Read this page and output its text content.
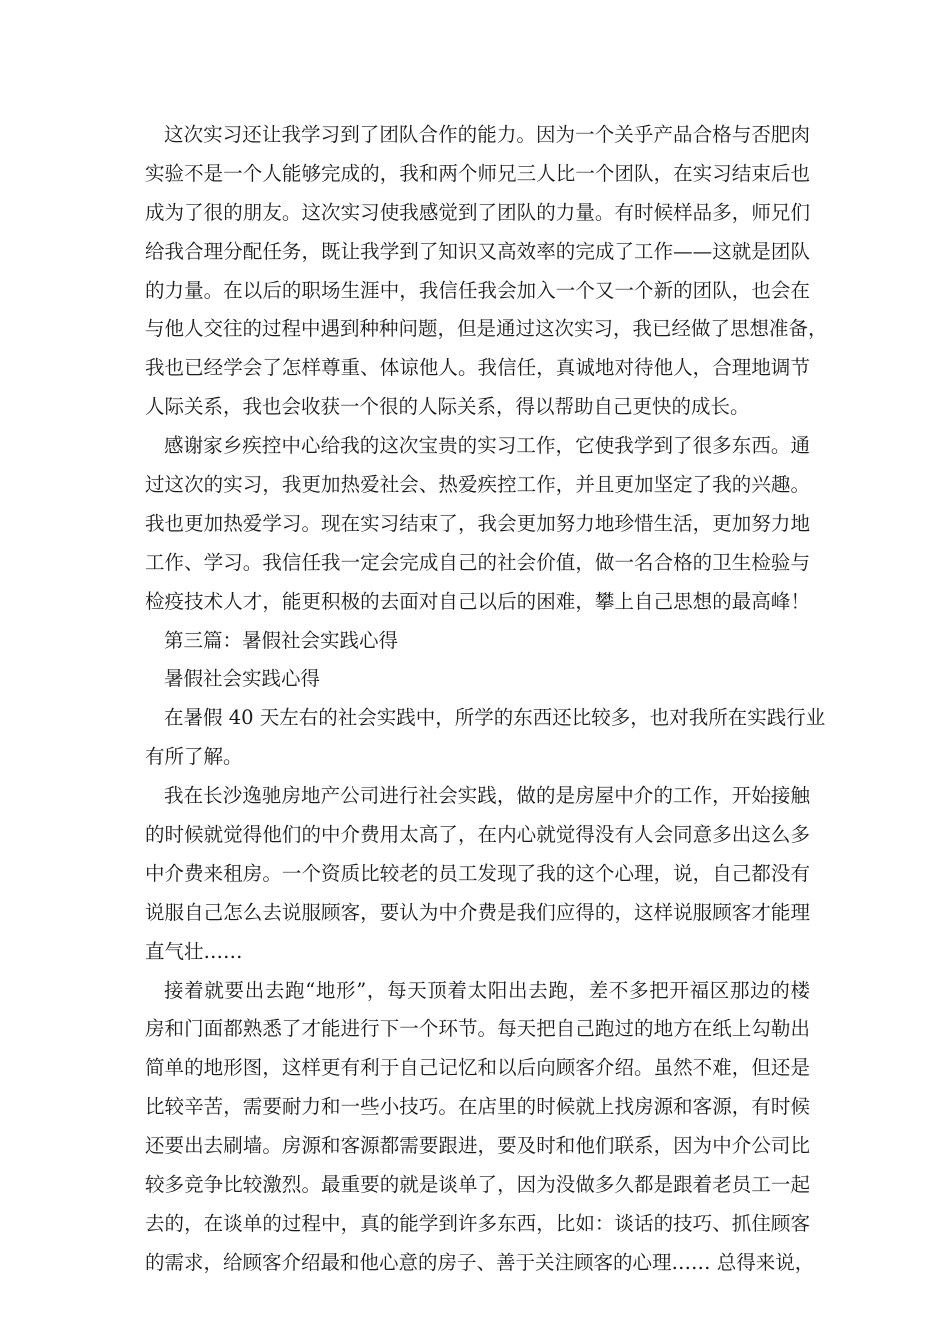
这次实习还让我学习到了团队合作的能力。因为一个关乎产品合格与否肥肉
实验不是一个人能够完成的，我和两个师兄三人比一个团队，在实习结束后也
成为了很的朋友。这次实习使我感觉到了团队的力量。有时候样品多，师兄们
给我合理分配任务，既让我学到了知识又高效率的完成了工作——这就是团队
的力量。在以后的职场生涯中，我信任我会加入一个又一个新的团队，也会在
与他人交往的过程中遇到种种问题，但是通过这次实习，我已经做了思想准备，
我也已经学会了怎样尊重、体谅他人。我信任，真诚地对待他人，合理地调节
人际关系，我也会收获一个很的人际关系，得以帮助自己更快的成长。
感谢家乡疾控中心给我的这次宝贵的实习工作，它使我学到了很多东西。通
过这次的实习，我更加热爱社会、热爱疾控工作，并且更加坚定了我的兴趣。
我也更加热爱学习。现在实习结束了，我会更加努力地珍惜生活，更加努力地
工作、学习。我信任我一定会完成自己的社会价值，做一名合格的卫生检验与
检疫技术人才，能更积极的去面对自己以后的困难，攀上自己思想的最高峰！
第三篇：暑假社会实践心得
暑假社会实践心得
在暑假 40 天左右的社会实践中，所学的东西还比较多，也对我所在实践行业
有所了解。
我在长沙逸驰房地产公司进行社会实践，做的是房屋中介的工作，开始接触
的时候就觉得他们的中介费用太高了，在内心就觉得没有人会同意多出这么多
中介费来租房。一个资质比较老的员工发现了我的这个心理，说，自己都没有
说服自己怎么去说服顾客，要认为中介费是我们应得的，这样说服顾客才能理
直气壮……
接着就要出去跑“地形”，每天顶着太阳出去跑，差不多把开福区那边的楼
房和门面都熟悉了才能进行下一个环节。每天把自己跑过的地方在纸上勾勒出
简单的地形图，这样更有利于自己记忆和以后向顾客介绍。虽然不难，但还是
比较辛苦，需要耐力和一些小技巧。在店里的时候就上找房源和客源，有时候
还要出去刷墙。房源和客源都需要跟进，要及时和他们联系，因为中介公司比
较多竞争比较激烈。最重要的就是谈单了，因为没做多久都是跟着老员工一起
去的，在谈单的过程中，真的能学到许多东西，比如：谈话的技巧、抓住顾客
的需求，给顾客介绍最和他心意的房子、善于关注顾客的心理…… 总得来说，
